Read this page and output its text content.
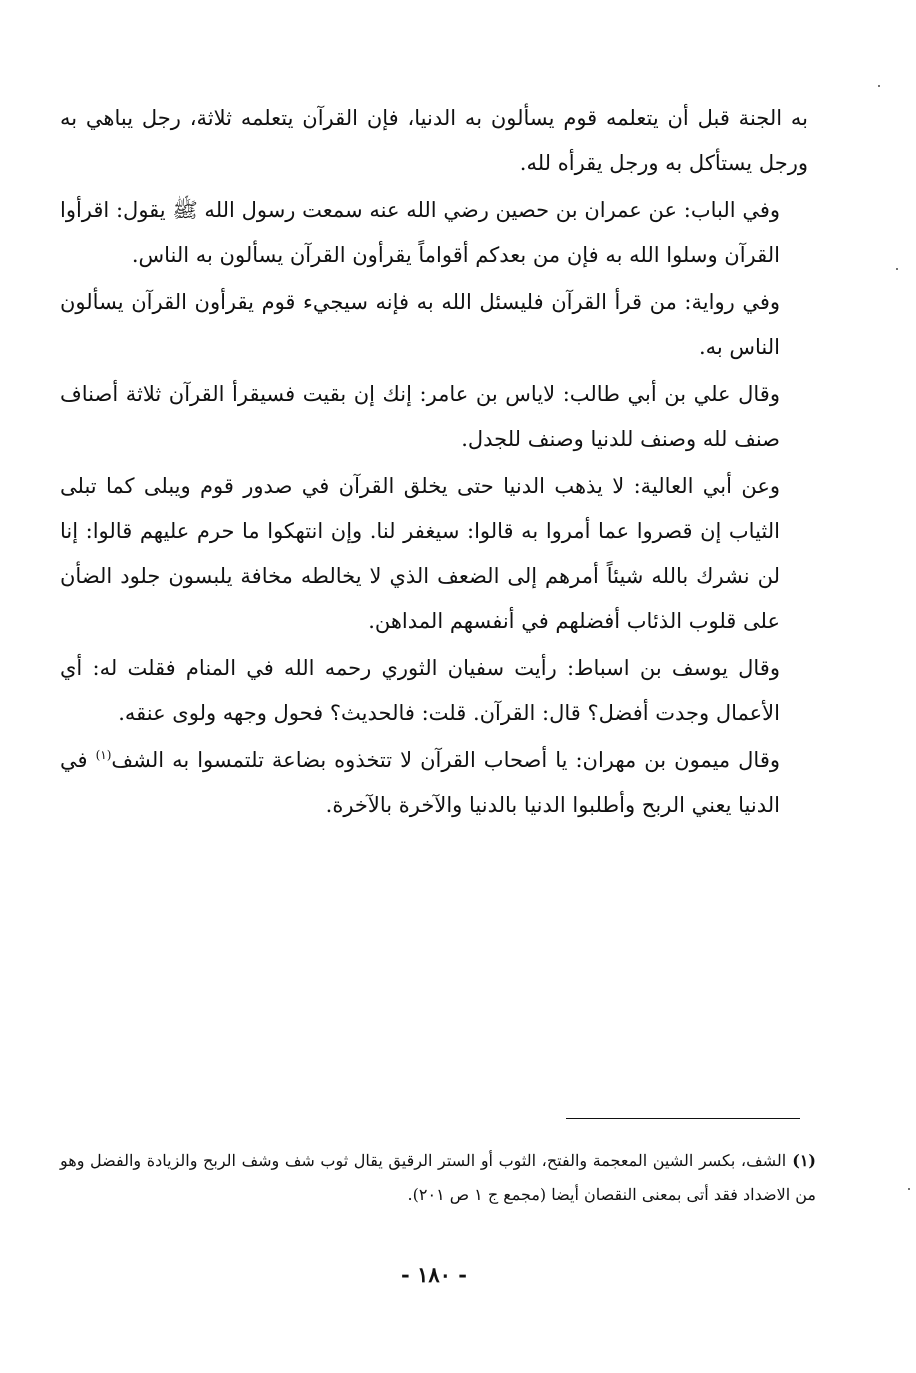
به الجنة قبل أن يتعلمه قوم يسألون به الدنيا، فإن القرآن يتعلمه ثلاثة، رجل يباهي به ورجل يستأكل به ورجل يقرأه لله.

وفي الباب: عن عمران بن حصين رضي الله عنه سمعت رسول الله ﷺ يقول: اقرأوا القرآن وسلوا الله به فإن من بعدكم أقواماً يقرأون القرآن يسألون به الناس.

وفي رواية: من قرأ القرآن فليسئل الله به فإنه سيجيء قوم يقرأون القرآن يسألون الناس به.

وقال علي بن أبي طالب: لاياس بن عامر: إنك إن بقيت فسيقرأ القرآن ثلاثة أصناف صنف لله وصنف للدنيا وصنف للجدل.

وعن أبي العالية: لا يذهب الدنيا حتى يخلق القرآن في صدور قوم ويبلى كما تبلى الثياب إن قصروا عما أمروا به قالوا: سيغفر لنا. وإن انتهكوا ما حرم عليهم قالوا: إنا لن نشرك بالله شيئاً أمرهم إلى الضعف الذي لا يخالطه مخافة يلبسون جلود الضأن على قلوب الذئاب أفضلهم في أنفسهم المداهن.

وقال يوسف بن اسباط: رأيت سفيان الثوري رحمه الله في المنام فقلت له: أي الأعمال وجدت أفضل؟ قال: القرآن. قلت: فالحديث؟ فحول وجهه ولوى عنقه.

وقال ميمون بن مهران: يا أصحاب القرآن لا تتخذوه بضاعة تلتمسوا به الشف$^{(١)}$ في الدنيا يعني الربح وأطلبوا الدنيا بالدنيا والآخرة بالآخرة.

(١)الشف، بكسر الشين المعجمة والفتح، الثوب أو الستر الرقيق يقال ثوب شف وشف الربح والزيادة والفضل وهو من الاضداد فقد أتى بمعنى النقصان أيضا (مجمع ج ١ ص ٢٠١).

- ١٨٠ -
